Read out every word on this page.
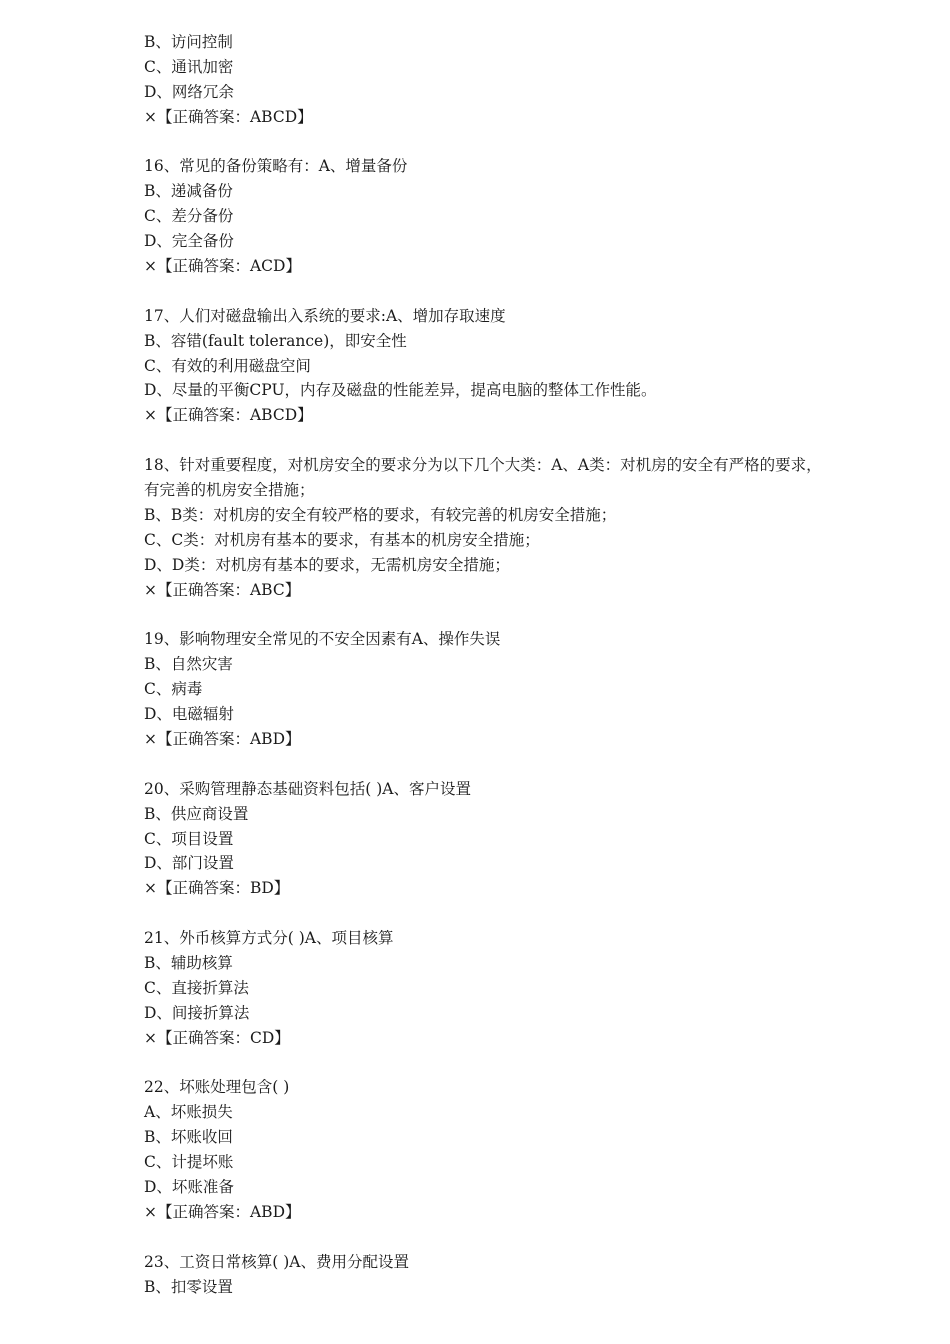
B、访问控制
C、通讯加密
D、网络冗余
×【正确答案：ABCD】
16、常见的备份策略有：A、增量备份
B、递减备份
C、差分备份
D、完全备份
×【正确答案：ACD】
17、人们对磁盘输出入系统的要求:A、增加存取速度
B、容错(fault tolerance)，即安全性
C、有效的利用磁盘空间
D、尽量的平衡CPU，内存及磁盘的性能差异，提高电脑的整体工作性能。
×【正确答案：ABCD】
18、针对重要程度，对机房安全的要求分为以下几个大类：A、A类：对机房的安全有严格的要求，有完善的机房安全措施；
B、B类：对机房的安全有较严格的要求，有较完善的机房安全措施；
C、C类：对机房有基本的要求，有基本的机房安全措施；
D、D类：对机房有基本的要求，无需机房安全措施；
×【正确答案：ABC】
19、影响物理安全常见的不安全因素有A、操作失误
B、自然灾害
C、病毒
D、电磁辐射
×【正确答案：ABD】
20、采购管理静态基础资料包括( )A、客户设置
B、供应商设置
C、项目设置
D、部门设置
×【正确答案：BD】
21、外币核算方式分( )A、项目核算
B、辅助核算
C、直接折算法
D、间接折算法
×【正确答案：CD】
22、坏账处理包含( )
A、坏账损失
B、坏账收回
C、计提坏账
D、坏账准备
×【正确答案：ABD】
23、工资日常核算( )A、费用分配设置
B、扣零设置
